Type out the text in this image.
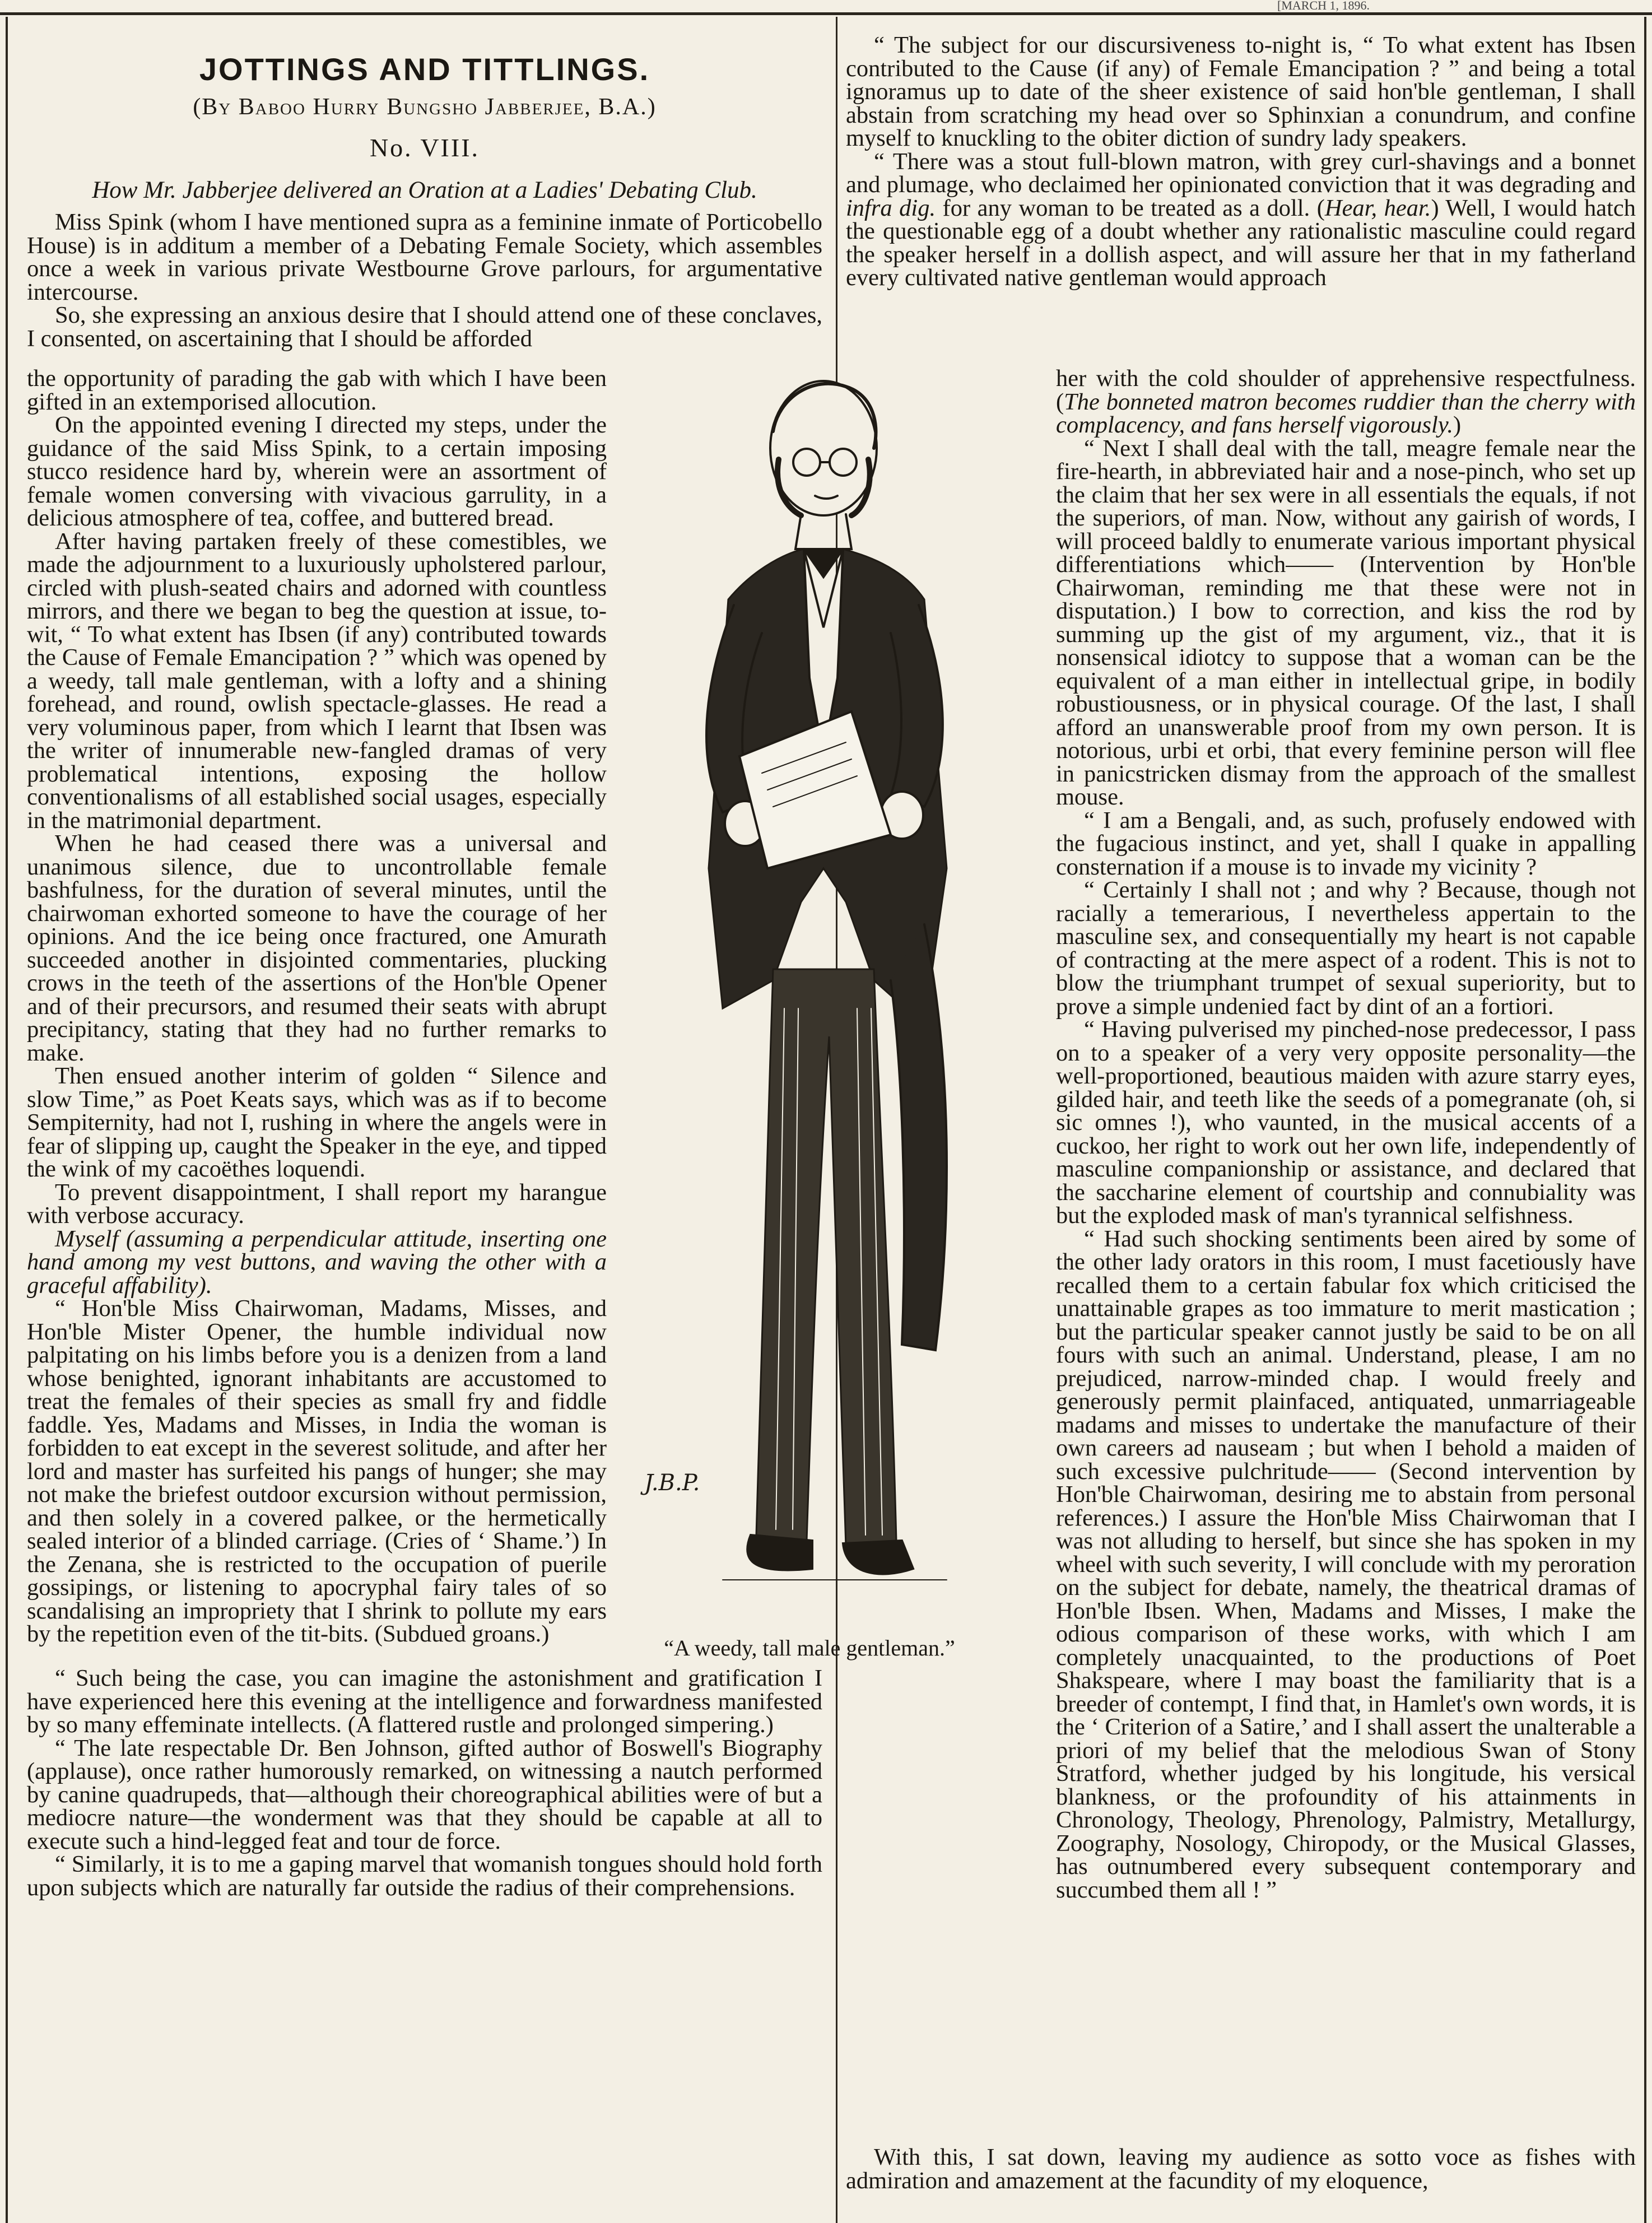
[MARCH 1, 1896.
JOTTINGS AND TITTLINGS.
(By Baboo Hurry Bungsho Jabberjee, B.A.)
No. VIII.
How Mr. Jabberjee delivered an Oration at a Ladies' Debating Club.

Miss Spink (whom I have mentioned supra as a feminine inmate of Porticobello House) is in additum a member of a Debating Female Society, which assembles once a week in various private Westbourne Grove parlours, for argumentative intercourse.

So, she expressing an anxious desire that I should attend one of these conclaves, I consented, on ascertaining that I should be afforded

the opportunity of parading the gab with which I have been gifted in an extemporised allocution.

On the appointed evening I directed my steps, under the guidance of the said Miss Spink, to a certain imposing stucco residence hard by, wherein were an assortment of female women conversing with vivacious garrulity, in a delicious atmosphere of tea, coffee, and buttered bread.

After having partaken freely of these comestibles, we made the adjournment to a luxuriously upholstered parlour, circled with plush-seated chairs and adorned with countless mirrors, and there we began to beg the question at issue, to-wit, “ To what extent has Ibsen (if any) contributed towards the Cause of Female Emancipation ? ” which was opened by a weedy, tall male gentleman, with a lofty and a shining forehead, and round, owlish spectacle-glasses. He read a very voluminous paper, from which I learnt that Ibsen was the writer of innumerable new-fangled dramas of very problematical intentions, exposing the hollow conventionalisms of all established social usages, especially in the matrimonial department.

When he had ceased there was a universal and unanimous silence, due to uncontrollable female bashfulness, for the duration of several minutes, until the chairwoman exhorted someone to have the courage of her opinions. And the ice being once fractured, one Amurath succeeded another in disjointed commentaries, plucking crows in the teeth of the assertions of the Hon'ble Opener and of their precursors, and resumed their seats with abrupt precipitancy, stating that they had no further remarks to make.

Then ensued another interim of golden “ Silence and slow Time,” as Poet Keats says, which was as if to become Sempiternity, had not I, rushing in where the angels were in fear of slipping up, caught the Speaker in the eye, and tipped the wink of my cacoëthes loquendi.

To prevent disappointment, I shall report my harangue with verbose accuracy.

Myself (assuming a perpendicular attitude, inserting one hand among my vest buttons, and waving the other with a graceful affability).

“ Hon'ble Miss Chairwoman, Madams, Misses, and Hon'ble Mister Opener, the humble individual now palpitating on his limbs before you is a denizen from a land whose benighted, ignorant inhabitants are accustomed to treat the females of their species as small fry and fiddle faddle. Yes, Madams and Misses, in India the woman is forbidden to eat except in the severest solitude, and after her lord and master has surfeited his pangs of hunger; she may not make the briefest outdoor excursion without permission, and then solely in a covered palkee, or the hermetically sealed interior of a blinded carriage. (Cries of ‘ Shame.’) In the Zenana, she is restricted to the occupation of puerile gossipings, or listening to apocryphal fairy tales of so scandalising an impropriety that I shrink to pollute my ears by the repetition even of the tit-bits. (Subdued groans.)

“ Such being the case, you can imagine the astonishment and gratification I have experienced here this evening at the intelligence and forwardness manifested by so many effeminate intellects. (A flattered rustle and prolonged simpering.)

“ The late respectable Dr. Ben Johnson, gifted author of Boswell's Biography (applause), once rather humorously remarked, on witnessing a nautch performed by canine quadrupeds, that—although their choreographical abilities were of but a mediocre nature—the wonderment was that they should be capable at all to execute such a hind-legged feat and tour de force.

“ Similarly, it is to me a gaping marvel that womanish tongues should hold forth upon subjects which are naturally far outside the radius of their comprehensions.

“ The subject for our discursiveness to-night is, “ To what extent has Ibsen contributed to the Cause (if any) of Female Emancipation ? ” and being a total ignoramus up to date of the sheer existence of said hon'ble gentleman, I shall abstain from scratching my head over so Sphinxian a conundrum, and confine myself to knuckling to the obiter diction of sundry lady speakers.

“ There was a stout full-blown matron, with grey curl-shavings and a bonnet and plumage, who declaimed her opinionated conviction that it was degrading and infra dig. for any woman to be treated as a doll. (Hear, hear.) Well, I would hatch the questionable egg of a doubt whether any rationalistic masculine could regard the speaker herself in a dollish aspect, and will assure her that in my fatherland every cultivated native gentleman would approach

her with the cold shoulder of apprehensive respectfulness. (The bonneted matron becomes ruddier than the cherry with complacency, and fans herself vigorously.)

“ Next I shall deal with the tall, meagre female near the fire-hearth, in abbreviated hair and a nose-pinch, who set up the claim that her sex were in all essentials the equals, if not the superiors, of man. Now, without any gairish of words, I will proceed baldly to enumerate various important physical differentiations which—— (Intervention by Hon'ble Chairwoman, reminding me that these were not in disputation.) I bow to correction, and kiss the rod by summing up the gist of my argument, viz., that it is nonsensical idiotcy to suppose that a woman can be the equivalent of a man either in intellectual gripe, in bodily robustiousness, or in physical courage. Of the last, I shall afford an unanswerable proof from my own person. It is notorious, urbi et orbi, that every feminine person will flee in panicstricken dismay from the approach of the smallest mouse.

“ I am a Bengali, and, as such, profusely endowed with the fugacious instinct, and yet, shall I quake in appalling consternation if a mouse is to invade my vicinity ?

“ Certainly I shall not ; and why ? Because, though not racially a temerarious, I nevertheless appertain to the masculine sex, and consequentially my heart is not capable of contracting at the mere aspect of a rodent. This is not to blow the triumphant trumpet of sexual superiority, but to prove a simple undenied fact by dint of an a fortiori.

“ Having pulverised my pinched-nose predecessor, I pass on to a speaker of a very very opposite personality—the well-proportioned, beautious maiden with azure starry eyes, gilded hair, and teeth like the seeds of a pomegranate (oh, si sic omnes !), who vaunted, in the musical accents of a cuckoo, her right to work out her own life, independently of masculine companionship or assistance, and declared that the saccharine element of courtship and connubiality was but the exploded mask of man's tyrannical selfishness.

“ Had such shocking sentiments been aired by some of the other lady orators in this room, I must facetiously have recalled them to a certain fabular fox which criticised the unattainable grapes as too immature to merit mastication ; but the particular speaker cannot justly be said to be on all fours with such an animal. Understand, please, I am no prejudiced, narrow-minded chap. I would freely and generously permit plainfaced, antiquated, unmarriageable madams and misses to undertake the manufacture of their own careers ad nauseam ; but when I behold a maiden of such excessive pulchritude—— (Second intervention by Hon'ble Chairwoman, desiring me to abstain from personal references.) I assure the Hon'ble Miss Chairwoman that I was not alluding to herself, but since she has spoken in my wheel with such severity, I will conclude with my peroration on the subject for debate, namely, the theatrical dramas of Hon'ble Ibsen. When, Madams and Misses, I make the odious comparison of these works, with which I am completely unacquainted, to the productions of Poet Shakspeare, where I may boast the familiarity that is a breeder of contempt, I find that, in Hamlet's own words, it is the ‘ Criterion of a Satire,’ and I shall assert the unalterable a priori of my belief that the melodious Swan of Stony Stratford, whether judged by his longitude, his versical blankness, or the profoundity of his attainments in Chronology, Theology, Phrenology, Palmistry, Metallurgy, Zoography, Nosology, Chiropody, or the Musical Glasses, has outnumbered every subsequent contemporary and succumbed them all ! ”

With this, I sat down, leaving my audience as sotto voce as fishes with admiration and amazement at the facundity of my eloquence,

J.B.P.
“A weedy, tall male gentleman.”
